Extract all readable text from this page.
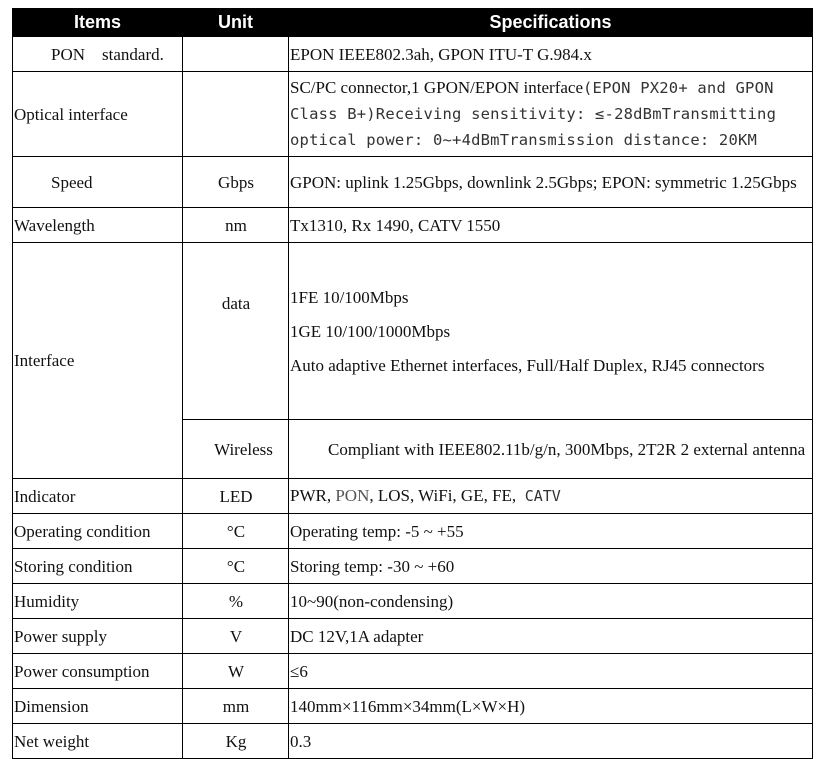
Items	Unit	Specifications
PON    standard.		EPON IEEE802.3ah, GPON ITU-T G.984.x
Optical interface		SC/PC connector,1 GPON/EPON interface(EPON PX20+ and GPON Class B+)Receiving sensitivity: ≤-28dBmTransmitting optical power: 0~+4dBmTransmission distance: 20KM
Speed	Gbps	GPON: uplink 1.25Gbps, downlink 2.5Gbps; EPON: symmetric 1.25Gbps
Wavelength	nm	Tx1310, Rx 1490, CATV 1550
Interface	data	1FE 10/100Mbps
1GE 10/100/1000Mbps
Auto adaptive Ethernet interfaces, Full/Half Duplex, RJ45 connectors

	Wireless	Compliant with IEEE802.11b/g/n, 300Mbps, 2T2R 2 external antenna
Indicator	LED	PWR, PON, LOS, WiFi, GE, FE,  CATV
Operating condition	°C	Operating temp: -5 ~ +55
Storing condition	°C	Storing temp: -30 ~ +60
Humidity	%	10~90(non-condensing)
Power supply	V	DC 12V,1A adapter
Power consumption	W	≤6
Dimension	mm	140mm×116mm×34mm(L×W×H)
Net weight	Kg	0.3
